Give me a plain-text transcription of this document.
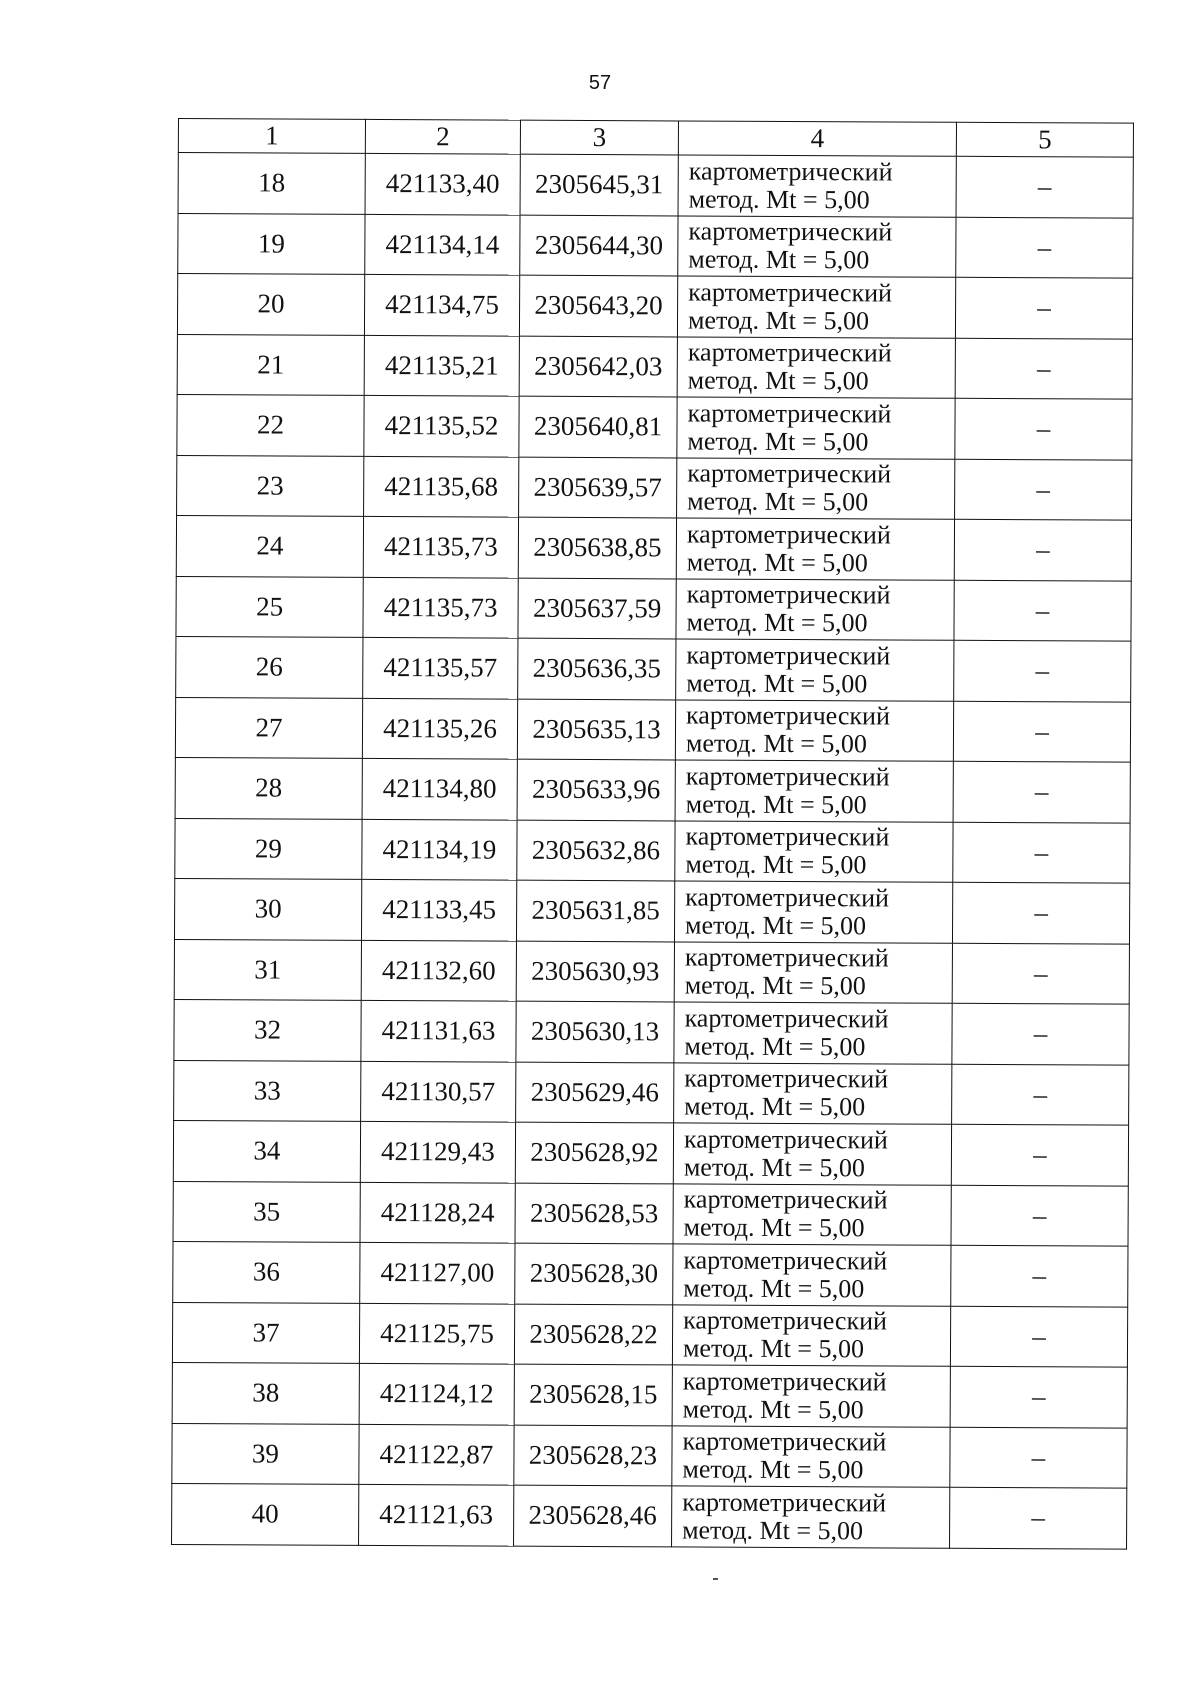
57
1	2	3	4	5
18	421133,40	2305645,31	картометрический
метод. Mt = 5,00	–
19	421134,14	2305644,30	картометрический
метод. Mt = 5,00	–
20	421134,75	2305643,20	картометрический
метод. Mt = 5,00	–
21	421135,21	2305642,03	картометрический
метод. Mt = 5,00	–
22	421135,52	2305640,81	картометрический
метод. Mt = 5,00	–
23	421135,68	2305639,57	картометрический
метод. Mt = 5,00	–
24	421135,73	2305638,85	картометрический
метод. Mt = 5,00	–
25	421135,73	2305637,59	картометрический
метод. Mt = 5,00	–
26	421135,57	2305636,35	картометрический
метод. Mt = 5,00	–
27	421135,26	2305635,13	картометрический
метод. Mt = 5,00	–
28	421134,80	2305633,96	картометрический
метод. Mt = 5,00	–
29	421134,19	2305632,86	картометрический
метод. Mt = 5,00	–
30	421133,45	2305631,85	картометрический
метод. Mt = 5,00	–
31	421132,60	2305630,93	картометрический
метод. Mt = 5,00	–
32	421131,63	2305630,13	картометрический
метод. Mt = 5,00	–
33	421130,57	2305629,46	картометрический
метод. Mt = 5,00	–
34	421129,43	2305628,92	картометрический
метод. Mt = 5,00	–
35	421128,24	2305628,53	картометрический
метод. Mt = 5,00	–
36	421127,00	2305628,30	картометрический
метод. Mt = 5,00	–
37	421125,75	2305628,22	картометрический
метод. Mt = 5,00	–
38	421124,12	2305628,15	картометрический
метод. Mt = 5,00	–
39	421122,87	2305628,23	картометрический
метод. Mt = 5,00	–
40	421121,63	2305628,46	картометрический
метод. Mt = 5,00	–
